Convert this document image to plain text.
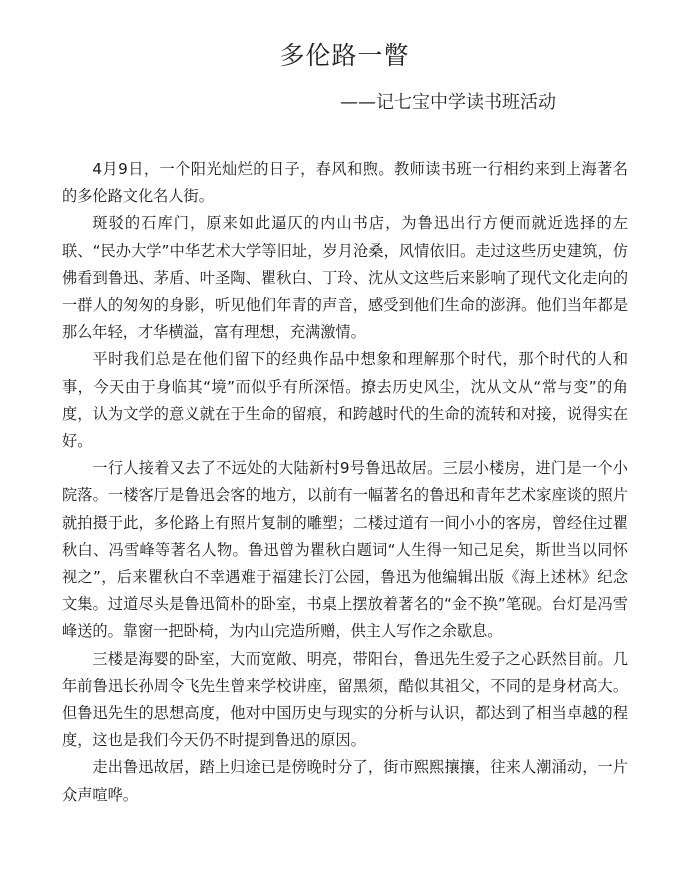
多伦路一瞥
——记七宝中学读书班活动

4月9日，一个阳光灿烂的日子，春风和煦。教师读书班一行相约来到上海著名的多伦路文化名人街。

斑驳的石库门，原来如此逼仄的内山书店，为鲁迅出行方便而就近选择的左联、“民办大学”中华艺术大学等旧址，岁月沧桑，风情依旧。走过这些历史建筑，仿佛看到鲁迅、茅盾、叶圣陶、瞿秋白、丁玲、沈从文这些后来影响了现代文化走向的一群人的匆匆的身影，听见他们年青的声音，感受到他们生命的澎湃。他们当年都是那么年轻，才华横溢，富有理想，充满激情。

平时我们总是在他们留下的经典作品中想象和理解那个时代，那个时代的人和事，今天由于身临其“境”而似乎有所深悟。撩去历史风尘，沈从文从“常与变”的角度，认为文学的意义就在于生命的留痕，和跨越时代的生命的流转和对接，说得实在好。

一行人接着又去了不远处的大陆新村9号鲁迅故居。三层小楼房，进门是一个小院落。一楼客厅是鲁迅会客的地方，以前有一幅著名的鲁迅和青年艺术家座谈的照片就拍摄于此，多伦路上有照片复制的雕塑；二楼过道有一间小小的客房，曾经住过瞿秋白、冯雪峰等著名人物。鲁迅曾为瞿秋白题词“人生得一知己足矣，斯世当以同怀视之”，后来瞿秋白不幸遇难于福建长汀公园，鲁迅为他编辑出版《海上述林》纪念文集。过道尽头是鲁迅简朴的卧室，书桌上摆放着著名的“金不换”笔砚。台灯是冯雪峰送的。靠窗一把卧椅，为内山完造所赠，供主人写作之余歇息。

三楼是海婴的卧室，大而宽敞、明亮，带阳台，鲁迅先生爱子之心跃然目前。几年前鲁迅长孙周令飞先生曾来学校讲座，留黑须，酷似其祖父，不同的是身材高大。但鲁迅先生的思想高度，他对中国历史与现实的分析与认识，都达到了相当卓越的程度，这也是我们今天仍不时提到鲁迅的原因。

走出鲁迅故居，踏上归途已是傍晚时分了，街市熙熙攘攘，往来人潮涌动，一片众声喧哗。
